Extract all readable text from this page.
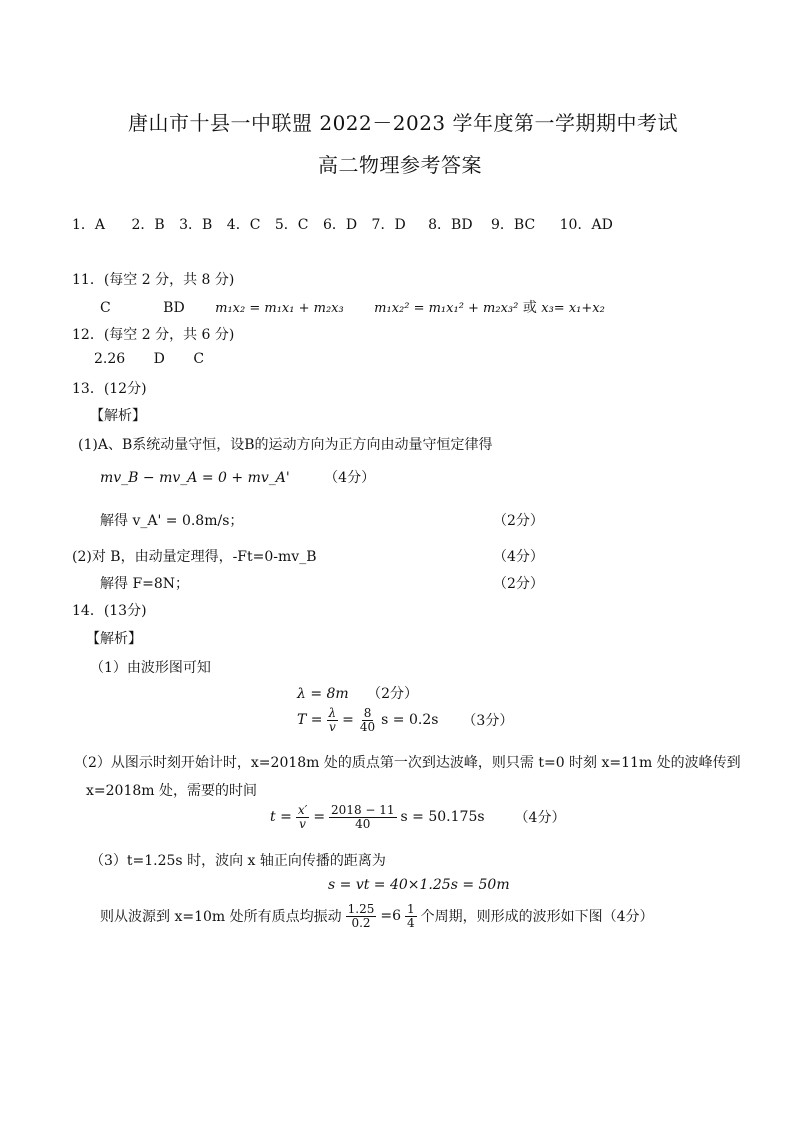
唐山市十县一中联盟 2022－2023 学年度第一学期期中考试
高二物理参考答案
1．A 2．B 3．B 4．C 5．C 6．D 7．D 8．BD 9．BC 10．AD
11．(每空 2 分，共 8 分)
C	BD m₁x₂ = m₁x₁ + m₂x₃ m₁x₂² = m₁x₁² + m₂x₃² 或 x₃= x₁+x₂
12．(每空 2 分，共 6 分)
2.26 D C
13．(12分)
【解析】
(1)A、B系统动量守恒，设B的运动方向为正方向由动量守恒定律得
mv_B − mv_A = 0 + mv_A' （4分）
解得 v_A' = 0.8m/s；	（2分）
(2)对 B，由动量定理得，-Ft=0-mv_B	（4分）
解得 F=8N；	（2分）
14．(13分)
【解析】
（1）由波形图可知
λ = 8m （2分）
$T = \frac{\lambda}{v} = \frac{8}{40}$ s = 0.2s （3分）
（2）从图示时刻开始计时，x=2018m 处的质点第一次到达波峰，则只需 t=0 时刻 x=11m 处的波峰传到
x=2018m 处，需要的时间
$t = \frac{x'}{v} = \frac{2018 - 11}{40}$ s = 50.175s （4分）
（3）t=1.25s 时，波向 x 轴正向传播的距离为
s = vt = 40×1.25s = 50m
则从波源到 x=10m 处所有质点均振动 $\frac{1.25}{0.2} =6 \frac{1}{4}$ 个周期，则形成的波形如下图（4分）
